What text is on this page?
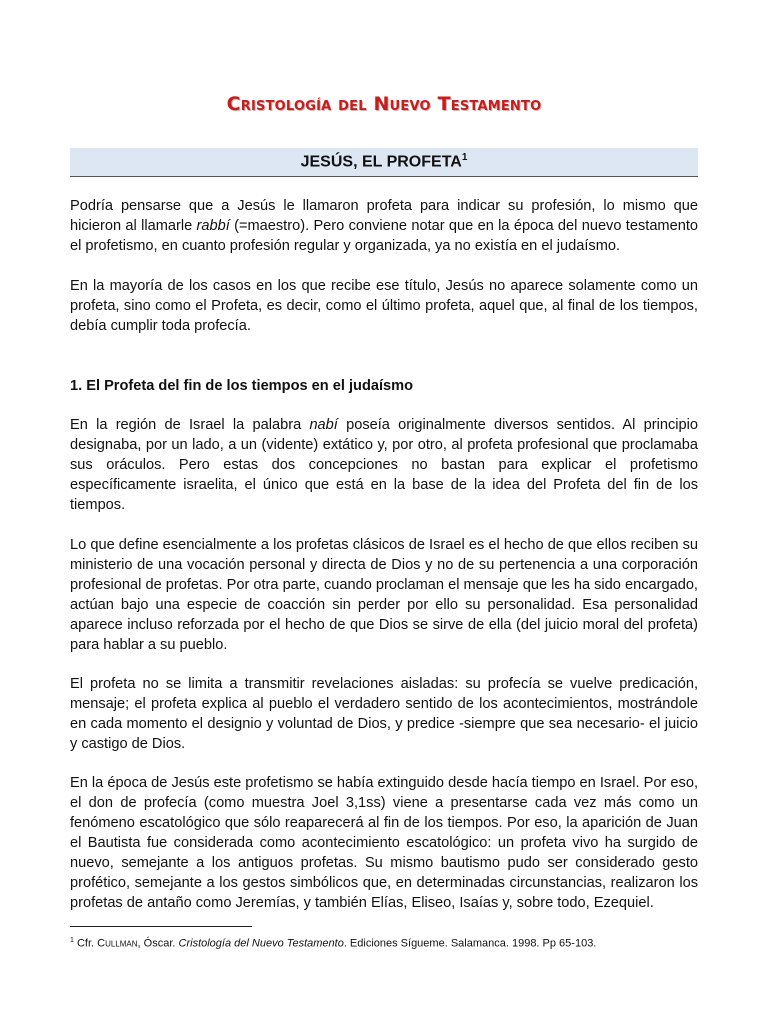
Cristología del Nuevo Testamento
JESÚS, EL PROFETA$^1$

Podría pensarse que a Jesús le llamaron profeta para indicar su profesión, lo mismo que hicieron al llamarle rabbí (=maestro). Pero conviene notar que en la época del nuevo testamento el profetismo, en cuanto profesión regular y organizada, ya no existía en el judaísmo.

En la mayoría de los casos en los que recibe ese título, Jesús no aparece solamente como un profeta, sino como el Profeta, es decir, como el último profeta, aquel que, al final de los tiempos, debía cumplir toda profecía.

1. El Profeta del fin de los tiempos en el judaísmo

En la región de Israel la palabra nabí poseía originalmente diversos sentidos. Al principio designaba, por un lado, a un (vidente) extático y, por otro, al profeta profesional que proclamaba sus oráculos. Pero estas dos concepciones no bastan para explicar el profetismo específicamente israelita, el único que está en la base de la idea del Profeta del fin de los tiempos.

Lo que define esencialmente a los profetas clásicos de Israel es el hecho de que ellos reciben su ministerio de una vocación personal y directa de Dios y no de su pertenencia a una corporación profesional de profetas. Por otra parte, cuando proclaman el mensaje que les ha sido encargado, actúan bajo una especie de coacción sin perder por ello su personalidad. Esa personalidad aparece incluso reforzada por el hecho de que Dios se sirve de ella (del juicio moral del profeta) para hablar a su pueblo.

El profeta no se limita a transmitir revelaciones aisladas: su profecía se vuelve predicación, mensaje; el profeta explica al pueblo el verdadero sentido de los acontecimientos, mostrándole en cada momento el designio y voluntad de Dios, y predice -siempre que sea necesario- el juicio y castigo de Dios.

En la época de Jesús este profetismo se había extinguido desde hacía tiempo en Israel. Por eso, el don de profecía (como muestra Joel 3,1ss) viene a presentarse cada vez más como un fenómeno escatológico que sólo reaparecerá al fin de los tiempos. Por eso, la aparición de Juan el Bautista fue considerada como acontecimiento escatológico: un profeta vivo ha surgido de nuevo, semejante a los antiguos profetas. Su mismo bautismo pudo ser considerado gesto profético, semejante a los gestos simbólicos que, en determinadas circunstancias, realizaron los profetas de antaño como Jeremías, y también Elías, Eliseo, Isaías y, sobre todo, Ezequiel.

$^1$ Cfr. Cullman, Óscar. Cristología del Nuevo Testamento. Ediciones Sígueme. Salamanca. 1998. Pp 65-103.
